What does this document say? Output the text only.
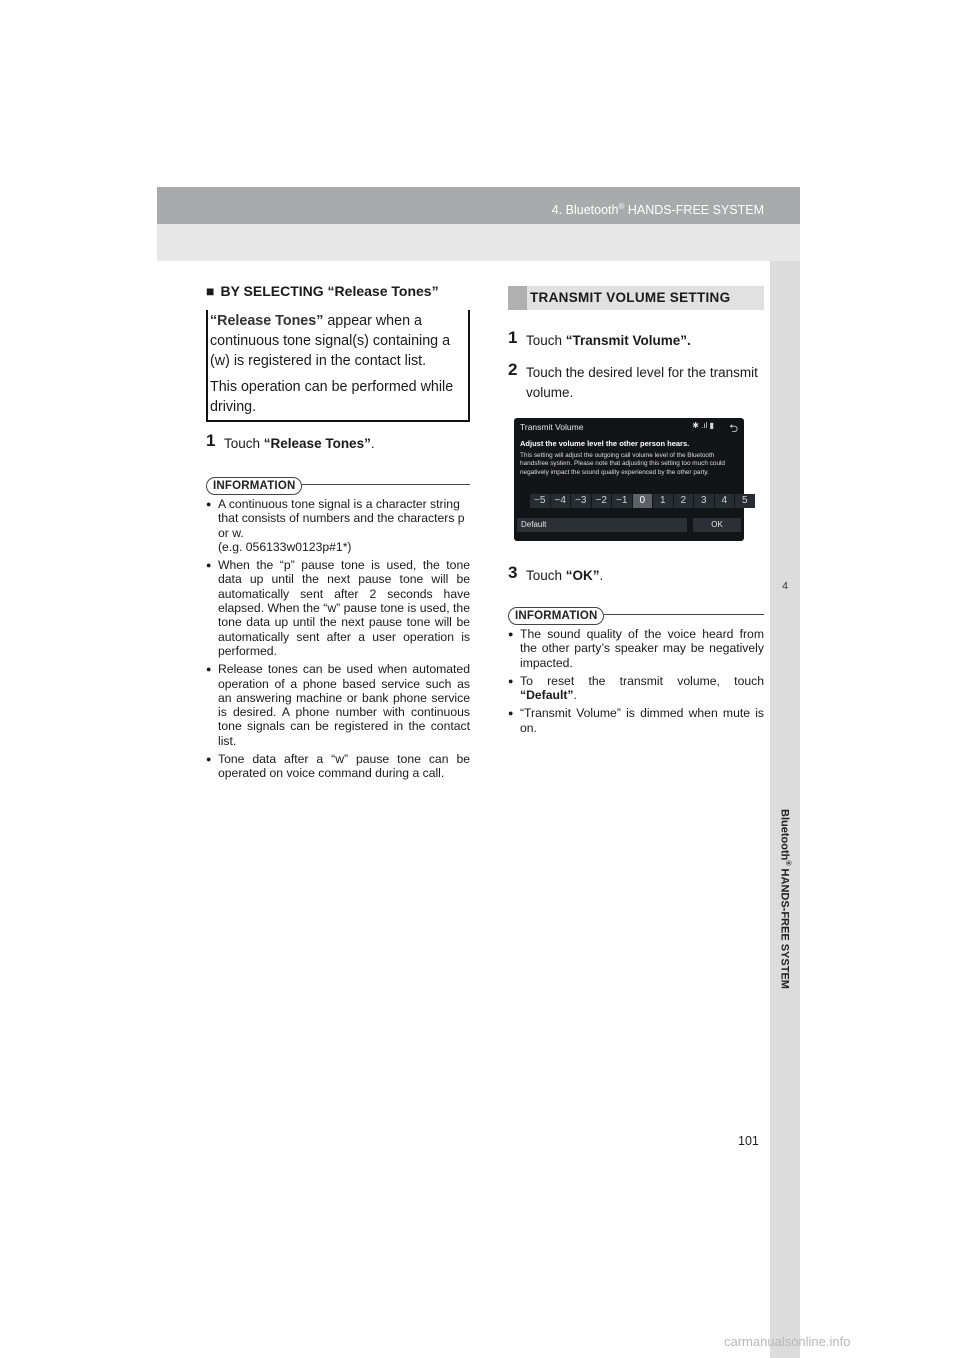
4. Bluetooth® HANDS-FREE SYSTEM
4
Bluetooth® HANDS-FREE SYSTEM
■ BY SELECTING “Release Tones”

“Release Tones” appear when a continuous tone signal(s) containing a (w) is registered in the contact list.

This operation can be performed while driving.

1 Touch “Release Tones”.
INFORMATION
● A continuous tone signal is a character string that consists of numbers and the characters p or w.
(e.g. 056133w0123p#1*)
● When the “p” pause tone is used, the tone data up until the next pause tone will be automatically sent after 2 seconds have elapsed. When the “w” pause tone is used, the tone data up until the next pause tone will be automatically sent after a user operation is performed.
● Release tones can be used when automated operation of a phone based service such as an answering machine or bank phone service is desired. A phone number with continuous tone signals can be registered in the contact list.
● Tone data after a “w” pause tone can be operated on voice command during a call.
TRANSMIT VOLUME SETTING
1 Touch “Transmit Volume”.
2 Touch the desired level for the transmit volume.
Transmit Volume	✱ .ıl ▮ ⮌
Adjust the volume level the other person hears.
This setting will adjust the outgoing call volume level of the Bluetooth handsfree system. Please note that adjusting this setting too much could negatively impact the sound quality experienced by the other party.
−5 −4 −3 −2 −1	0	1	2	3	4	5
Default	OK
3 Touch “OK”.
INFORMATION
● The sound quality of the voice heard from the other party’s speaker may be negatively impacted.
● To reset the transmit volume, touch “Default”.
● “Transmit Volume” is dimmed when mute is on.
101
carmanualsonline.info
